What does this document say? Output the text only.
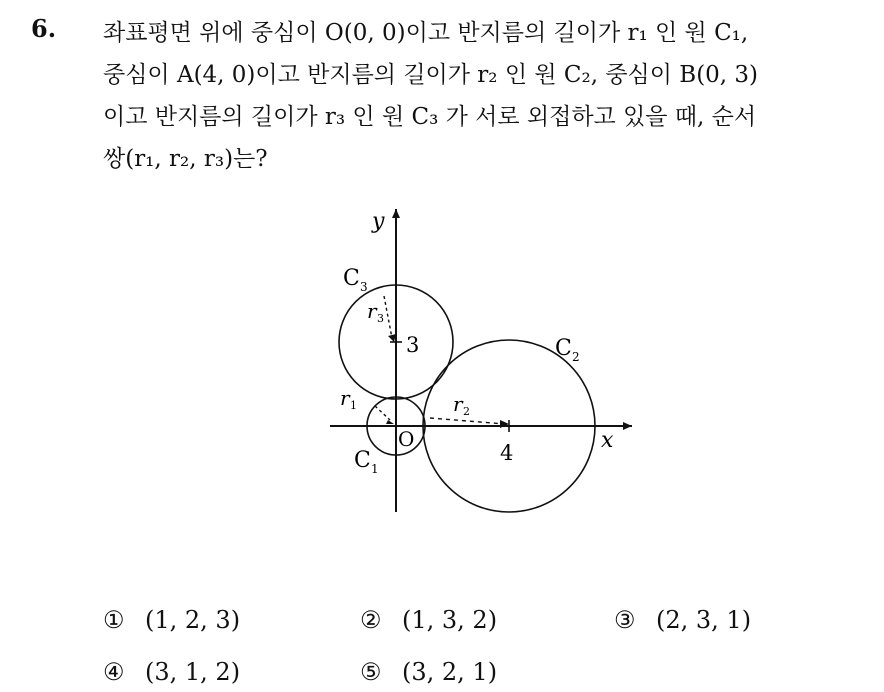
6. 좌표평면 위에 중심이 O(0, 0)이고 반지름의 길이가 r₁ 인 원 C₁,
중심이 A(4, 0)이고 반지름의 길이가 r₂ 인 원 C₂, 중심이 B(0, 3)
이고 반지름의 길이가 r₃ 인 원 C₃ 가 서로 외접하고 있을 때, 순서
쌍(r₁, r₂, r₃)는?
y
x
O
4
3
C 3
C 2
C 1
r 1	r 2
r 3
① (1, 2, 3)	② (1, 3, 2)	③ (2, 3, 1)
④ (3, 1, 2)	⑤ (3, 2, 1)
